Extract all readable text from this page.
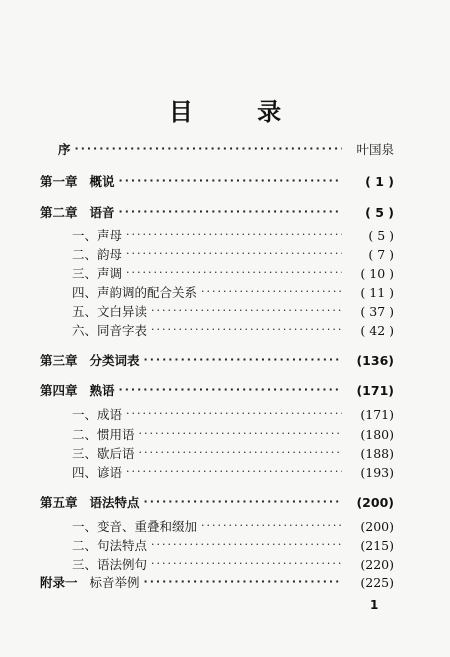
目 录
序 ·····	叶国泉
第一章 概说 ·····	( 1 )
第二章 语音 ·····	( 5 )
一、声母 ·····	( 5 )
二、韵母 ·····	( 7 )
三、声调 ·····	( 10 )
四、声韵调的配合关系 ·····	( 11 )
五、文白异读 ·····	( 37 )
六、同音字表 ·····	( 42 )
第三章 分类词表 ·····	(136)
第四章 熟语 ·····	(171)
一、成语 ·····	(171)
二、惯用语 ·····	(180)
三、歇后语 ·····	(188)
四、谚语 ·····	(193)
第五章 语法特点 ·····	(200)
一、变音、重叠和缀加 ·····	(200)
二、句法特点 ·····	(215)
三、语法例句 ·····	(220)
附录一 标音举例 ·····	(225)
1
